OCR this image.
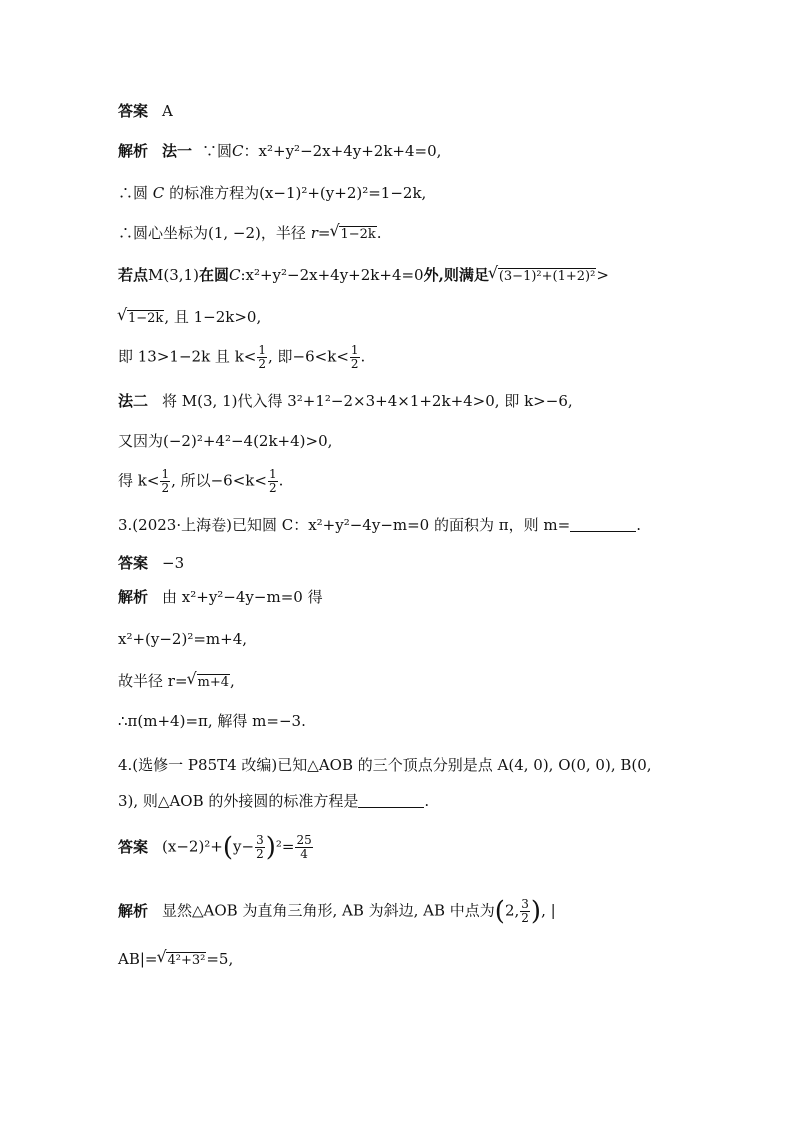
答案 A
解析 法一 ∵圆C：x²+y²−2x+4y+2k+4=0,
∴圆 C 的标准方程为(x−1)²+(y+2)²=1−2k,
∴圆心坐标为(1, −2)，半径 r= √ 1−2k.
若点M(3,1)在圆C:x²+y²−2x+4y+2k+4=0外,则满足 √ (3−1)²+(1+2)²>
√ 1−2k, 且 1−2k>0,
即 13>1−2k 且 $k< \frac{1}{2}$ , 即$-6<k< \frac{1}{2}$ .
法二 将 M(3, 1)代入得 3²+1²−2×3+4×1+2k+4>0, 即 k>−6,
又因为(−2)²+4²−4(2k+4)>0,
得 $k< \frac{1}{2}$ , 所以$-6<k< \frac{1}{2}$ .
3.(2023·上海卷)已知圆 C：x²+y²−4y−m=0 的面积为 π，则 m=	.
答案 −3
解析 由 x²+y²−4y−m=0 得
x²+(y−2)²=m+4,
故半径 r= √ m+4,
∴π(m+4)=π, 解得 m=−3.
4.(选修一 P85T4 改编)已知△AOB 的三个顶点分别是点 A(4, 0), O(0, 0), B(0,
3), 则△AOB 的外接圆的标准方程是	.
答案 $(x-2)^2+(y- \frac{3}{2} )^2= \frac{25}{4}$
解析 显然△AOB 为直角三角形, AB 为斜边, AB 中点为(2, $\frac{3}{2}$ ), |
AB|= √ 4²+3²=5,
